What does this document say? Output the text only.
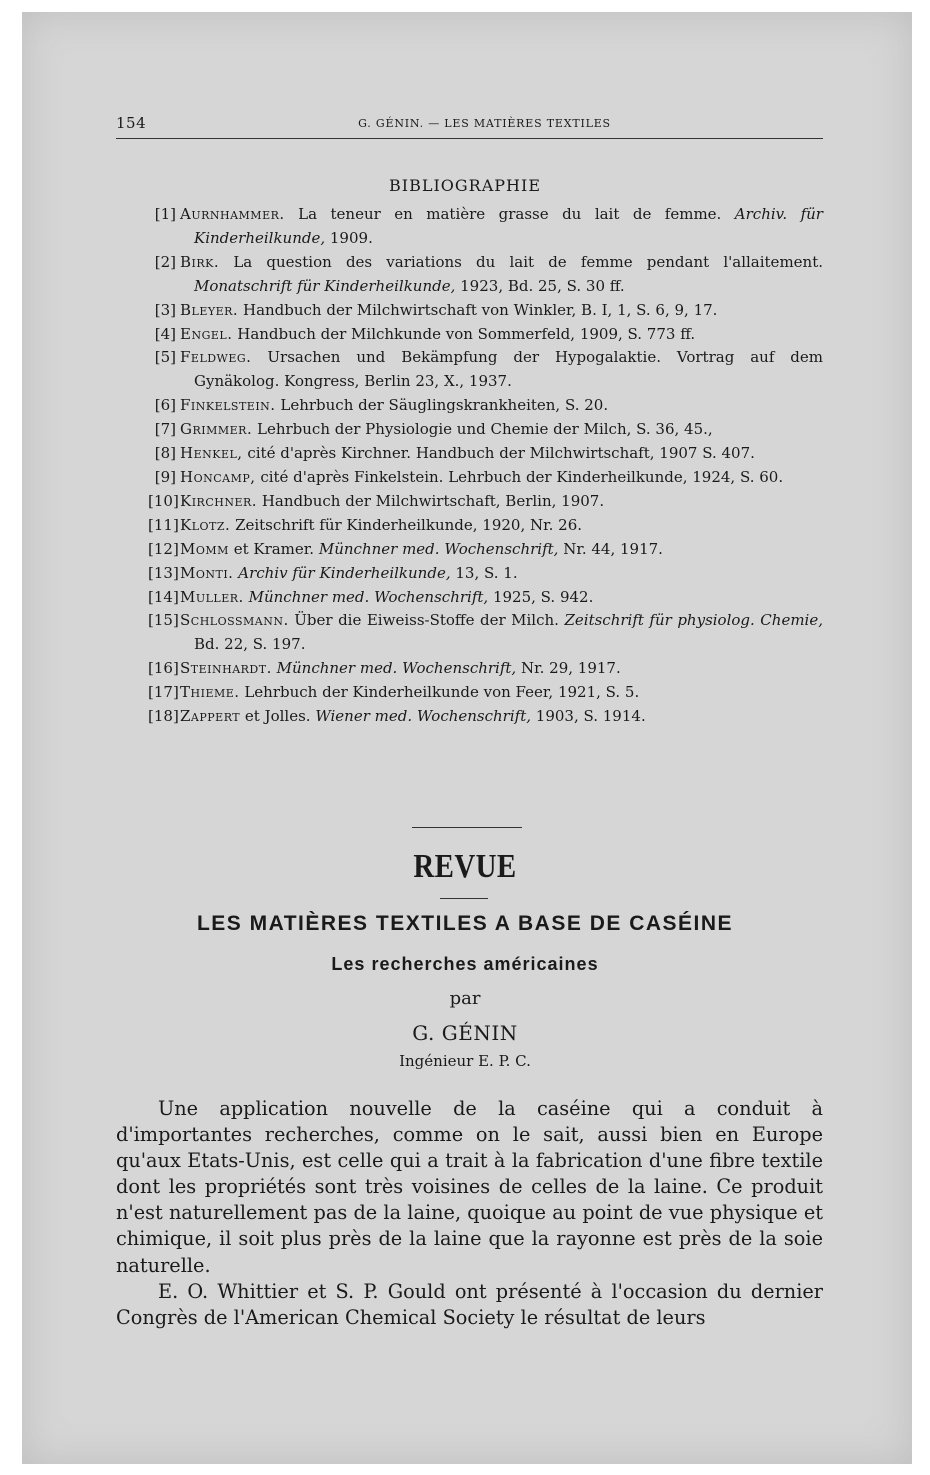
154	G. GÉNIN. — LES MATIÈRES TEXTILES
BIBLIOGRAPHIE
[1] Aurnhammer. La teneur en matière grasse du lait de femme. Archiv. für Kinderheilkunde, 1909.
[2] Birk. La question des variations du lait de femme pendant l'allaitement. Monatschrift für Kinderheilkunde, 1923, Bd. 25, S. 30 ff.
[3] Bleyer. Handbuch der Milchwirtschaft von Winkler, B. I, 1, S. 6, 9, 17.
[4] Engel. Handbuch der Milchkunde von Sommerfeld, 1909, S. 773 ff.
[5] Feldweg. Ursachen und Bekämpfung der Hypogalaktie. Vortrag auf dem Gynäkolog. Kongress, Berlin 23, X., 1937.
[6] Finkelstein. Lehrbuch der Säuglingskrankheiten, S. 20.
[7] Grimmer. Lehrbuch der Physiologie und Chemie der Milch, S. 36, 45.,
[8] Henkel, cité d'après Kirchner. Handbuch der Milchwirtschaft, 1907 S. 407.
[9] Honcamp, cité d'après Finkelstein. Lehrbuch der Kinderheilkunde, 1924, S. 60.
[10]Kirchner. Handbuch der Milchwirtschaft, Berlin, 1907.
[11]Klotz. Zeitschrift für Kinderheilkunde, 1920, Nr. 26.
[12]Momm et Kramer. Münchner med. Wochenschrift, Nr. 44, 1917.
[13]Monti. Archiv für Kinderheilkunde, 13, S. 1.
[14]Muller. Münchner med. Wochenschrift, 1925, S. 942.
[15]Schlossmann. Über die Eiweiss-Stoffe der Milch. Zeitschrift für physiolog. Chemie, Bd. 22, S. 197.
[16]Steinhardt. Münchner med. Wochenschrift, Nr. 29, 1917.
[17]Thieme. Lehrbuch der Kinderheilkunde von Feer, 1921, S. 5.
[18]Zappert et Jolles. Wiener med. Wochenschrift, 1903, S. 1914.
REVUE
LES MATIÈRES TEXTILES A BASE DE CASÉINE
Les recherches américaines
par
G. GÉNIN
Ingénieur E. P. C.

Une application nouvelle de la caséine qui a conduit à d'importantes recherches, comme on le sait, aussi bien en Europe qu'aux Etats-Unis, est celle qui a trait à la fabrication d'une fibre textile dont les propriétés sont très voisines de celles de la laine. Ce produit n'est naturellement pas de la laine, quoique au point de vue physique et chimique, il soit plus près de la laine que la rayonne est près de la soie naturelle.

E. O. Whittier et S. P. Gould ont présenté à l'occasion du dernier Congrès de l'American Chemical Society le résultat de leurs
